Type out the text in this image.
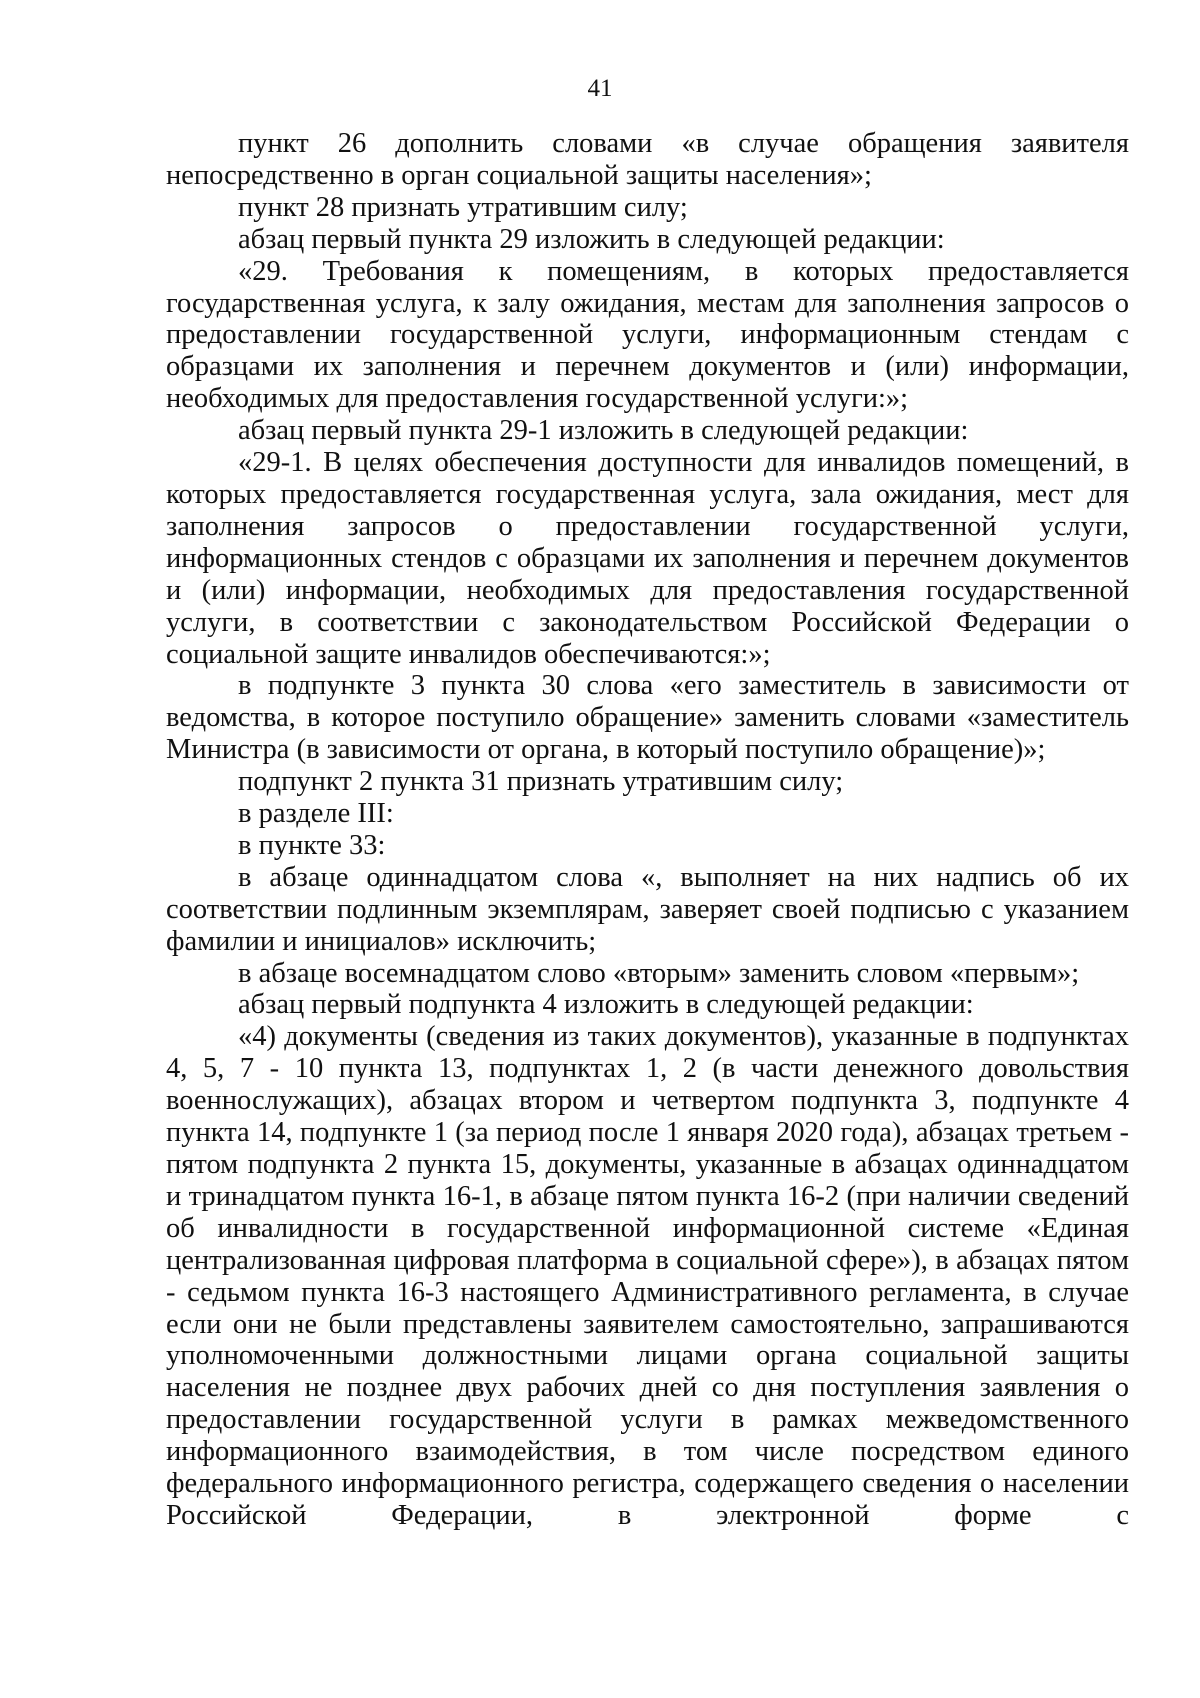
41

пункт 26 дополнить словами «в случае обращения заявителя непосредственно в орган социальной защиты населения»;

пункт 28 признать утратившим силу;

абзац первый пункта 29 изложить в следующей редакции:

«29. Требования к помещениям, в которых предоставляется государственная услуга, к залу ожидания, местам для заполнения запросов о предоставлении государственной услуги, информационным стендам с образцами их заполнения и перечнем документов и (или) информации, необходимых для предоставления государственной услуги:»;

абзац первый пункта 29-1 изложить в следующей редакции:

«29-1. В целях обеспечения доступности для инвалидов помещений, в которых предоставляется государственная услуга, зала ожидания, мест для заполнения запросов о предоставлении государственной услуги, информационных стендов с образцами их заполнения и перечнем документов и (или) информации, необходимых для предоставления государственной услуги, в соответствии с законодательством Российской Федерации о социальной защите инвалидов обеспечиваются:»;

в подпункте 3 пункта 30 слова «его заместитель в зависимости от ведомства, в которое поступило обращение» заменить словами «заместитель Министра (в зависимости от органа, в который поступило обращение)»;

подпункт 2 пункта 31 признать утратившим силу;

в разделе III:

в пункте 33:

в абзаце одиннадцатом слова «, выполняет на них надпись об их соответствии подлинным экземплярам, заверяет своей подписью с указанием фамилии и инициалов» исключить;

в абзаце восемнадцатом слово «вторым» заменить словом «первым»;

абзац первый подпункта 4 изложить в следующей редакции:

«4) документы (сведения из таких документов), указанные в подпунктах 4, 5, 7 - 10 пункта 13, подпунктах 1, 2 (в части денежного довольствия военнослужащих), абзацах втором и четвертом подпункта 3, подпункте 4 пункта 14, подпункте 1 (за период после 1 января 2020 года), абзацах третьем - пятом подпункта 2 пункта 15, документы, указанные в абзацах одиннадцатом и тринадцатом пункта 16-1, в абзаце пятом пункта 16-2 (при наличии сведений об инвалидности в государственной информационной системе «Единая централизованная цифровая платформа в социальной сфере»), в абзацах пятом - седьмом пункта 16-3 настоящего Административного регламента, в случае если они не были представлены заявителем самостоятельно, запрашиваются уполномоченными должностными лицами органа социальной защиты населения не позднее двух рабочих дней со дня поступления заявления о предоставлении государственной услуги в рамках межведомственного информационного взаимодействия, в том числе посредством единого федерального информационного регистра, содержащего сведения о населении Российской Федерации, в электронной форме с
